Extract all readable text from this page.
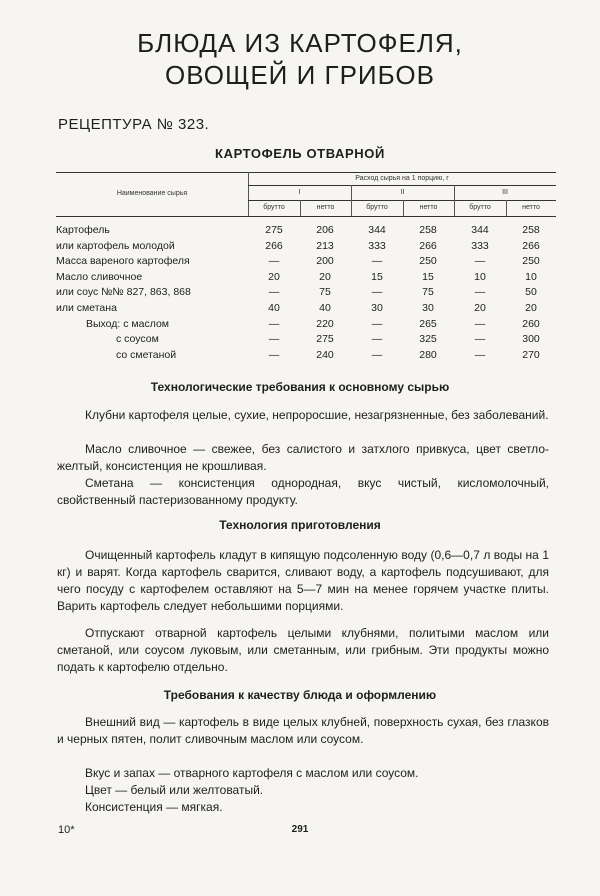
БЛЮДА ИЗ КАРТОФЕЛЯ,
ОВОЩЕЙ И ГРИБОВ
РЕЦЕПТУРА № 323.
КАРТОФЕЛЬ ОТВАРНОЙ
Наименование сырья
Расход сырья на 1 порцию, г
I	II	III
брутто	нетто	брутто	нетто	брутто	нетто
Картофель	275	206	344	258	344	258
или картофель молодой	266	213	333	266	333	266
Масса вареного картофеля	—	200	—	250	—	250
Масло сливочное	20	20	15	15	10	10
или соус №№ 827, 863, 868	—	75	—	75	—	50
или сметана	40	40	30	30	20	20
Выход: с маслом	—	220	—	265	—	260
с соусом	—	275	—	325	—	300
со сметаной	—	240	—	280	—	270
Технологические требования к основному сырью
Клубни картофеля целые, сухие, непроросшие, незагрязненные, без заболеваний.
Масло сливочное — свежее, без салистого и затхлого привкуса, цвет светло-желтый, консистенция не крошливая.
Сметана — консистенция однородная, вкус чистый, кисломолочный, свойственный пастеризованному продукту.
Технология приготовления
Очищенный картофель кладут в кипящую подсоленную воду (0,6—0,7 л воды на 1 кг) и варят. Когда картофель сварится, сливают воду, а картофель подсушивают, для чего посуду с картофелем оставляют на 5—7 мин на менее горячем участке плиты. Варить картофель следует небольшими порциями.
Отпускают отварной картофель целыми клубнями, политыми маслом или сметаной, или соусом луковым, или сметанным, или грибным. Эти продукты можно подать к картофелю отдельно.
Требования к качеству блюда и оформлению
Внешний вид — картофель в виде целых клубней, поверхность сухая, без глазков и черных пятен, полит сливочным маслом или соусом.
Вкус и запах — отварного картофеля с маслом или соусом.
Цвет — белый или желтоватый.
Консистенция — мягкая.
10*	291
